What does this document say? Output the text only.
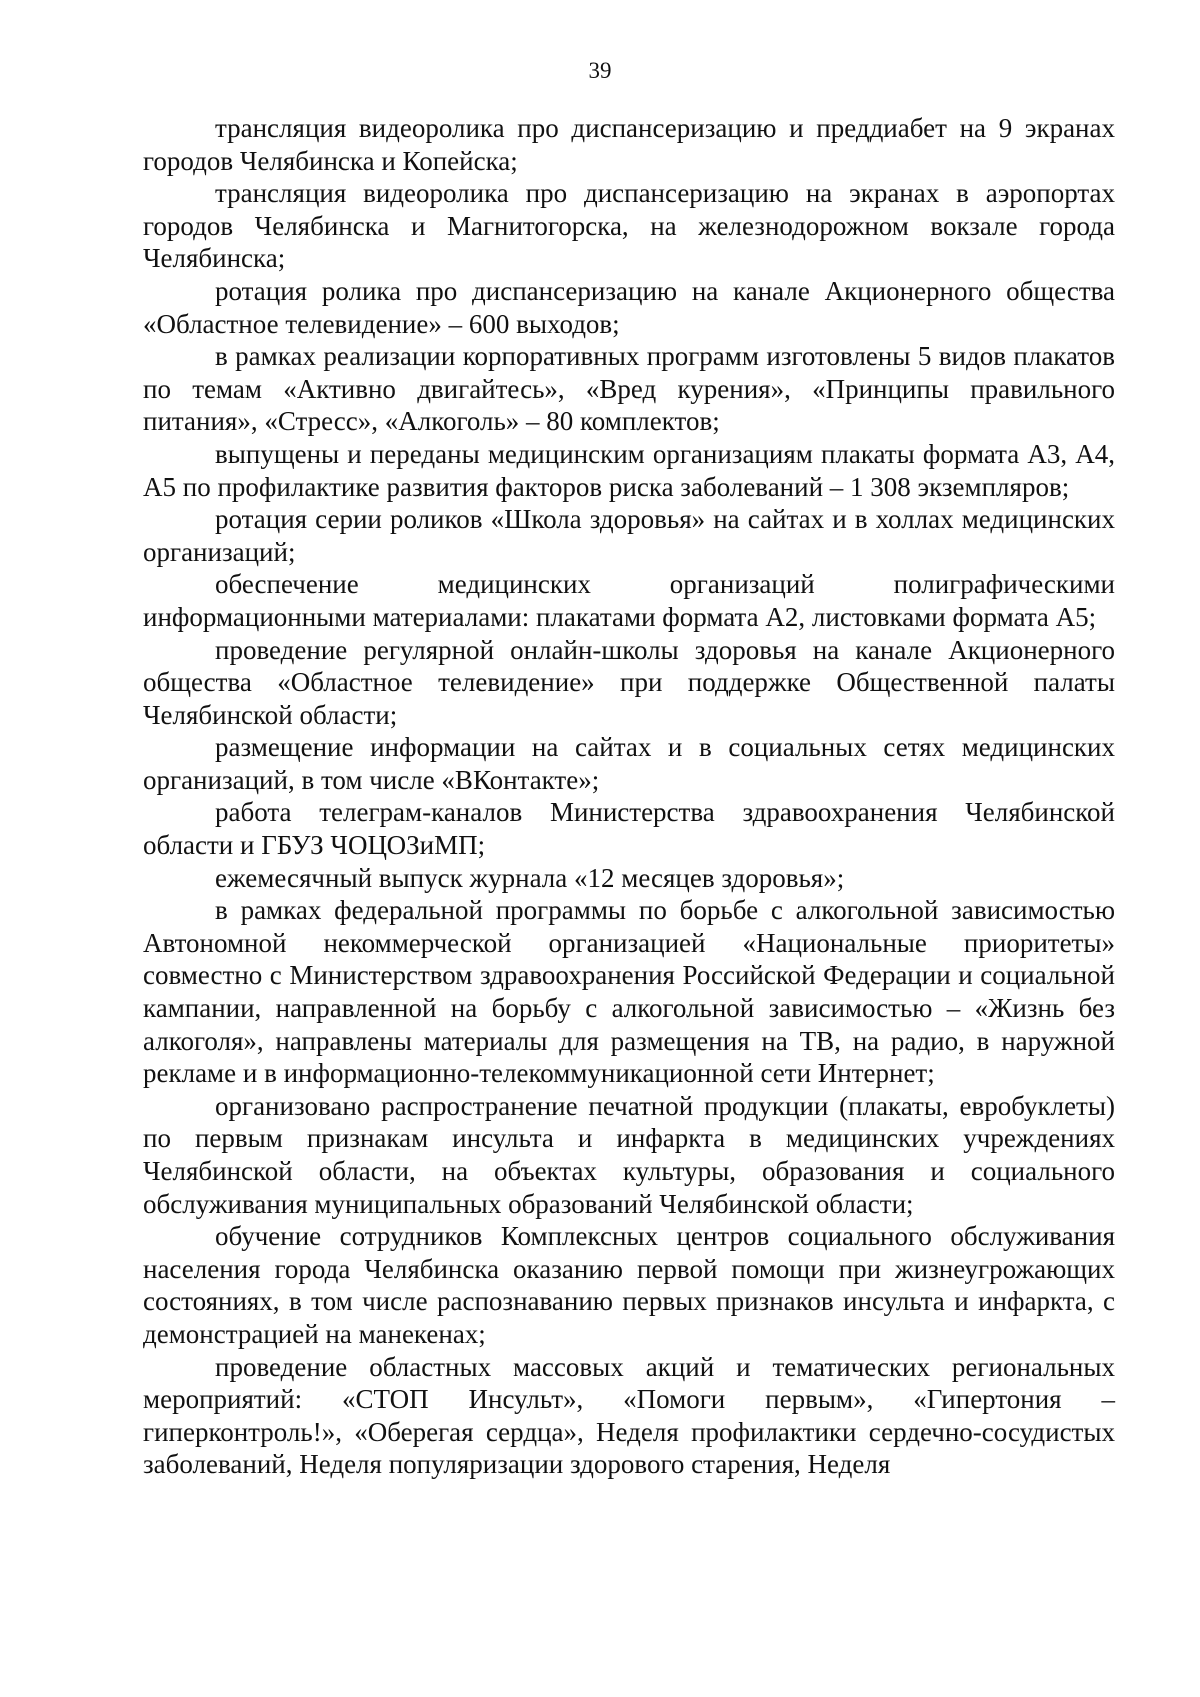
39

трансляция видеоролика про диспансеризацию и преддиабет на 9 экранах городов Челябинска и Копейска;

трансляция видеоролика про диспансеризацию на экранах в аэропортах городов Челябинска и Магнитогорска, на железнодорожном вокзале города Челябинска;

ротация ролика про диспансеризацию на канале Акционерного общества «Областное телевидение» – 600 выходов;

в рамках реализации корпоративных программ изготовлены 5 видов плакатов по темам «Активно двигайтесь», «Вред курения», «Принципы правильного питания», «Стресс», «Алкоголь» – 80 комплектов;

выпущены и переданы медицинским организациям плакаты формата А3, А4, А5 по профилактике развития факторов риска заболеваний – 1 308 экземпляров;

ротация серии роликов «Школа здоровья» на сайтах и в холлах медицинских организаций;

обеспечение медицинских организаций полиграфическими информационными материалами: плакатами формата А2, листовками формата А5;

проведение регулярной онлайн-школы здоровья на канале Акционерного общества «Областное телевидение» при поддержке Общественной палаты Челябинской области;

размещение информации на сайтах и в социальных сетях медицинских организаций, в том числе «ВКонтакте»;

работа телеграм-каналов Министерства здравоохранения Челябинской области и ГБУЗ ЧОЦОЗиМП;

ежемесячный выпуск журнала «12 месяцев здоровья»;

в рамках федеральной программы по борьбе с алкогольной зависимостью Автономной некоммерческой организацией «Национальные приоритеты» совместно с Министерством здравоохранения Российской Федерации и социальной кампании, направленной на борьбу с алкогольной зависимостью – «Жизнь без алкоголя», направлены материалы для размещения на ТВ, на радио, в наружной рекламе и в информационно-телекоммуникационной сети Интернет;

организовано распространение печатной продукции (плакаты, евробуклеты) по первым признакам инсульта и инфаркта в медицинских учреждениях Челябинской области, на объектах культуры, образования и социального обслуживания муниципальных образований Челябинской области;

обучение сотрудников Комплексных центров социального обслуживания населения города Челябинска оказанию первой помощи при жизнеугрожающих состояниях, в том числе распознаванию первых признаков инсульта и инфаркта, с демонстрацией на манекенах;

проведение областных массовых акций и тематических региональных мероприятий: «СТОП Инсульт», «Помоги первым», «Гипертония – гиперконтроль!», «Оберегая сердца», Неделя профилактики сердечно-сосудистых заболеваний, Неделя популяризации здорового старения, Неделя
